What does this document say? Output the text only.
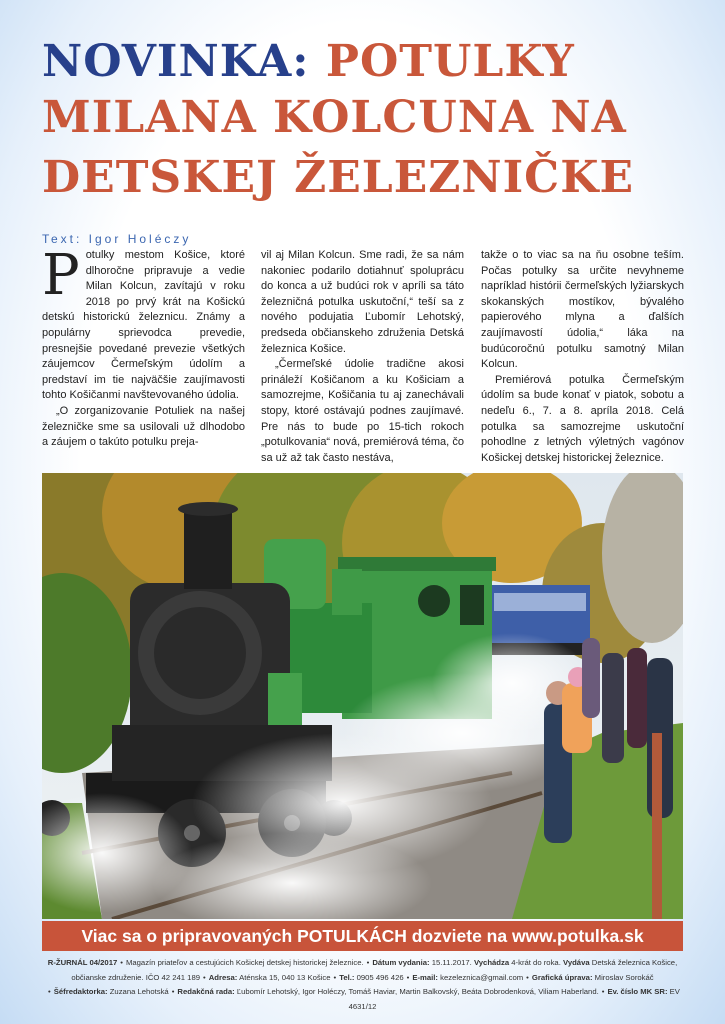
NOVINKA: POTULKY
MILANA KOLCUNA NA
DETSKEJ ŽELEZNIČKE
Text: Igor Holéczy

Potulky mestom Košice, ktoré dlhoročne pripravuje a vedie Milan Kolcun, zavítajú v roku 2018 po prvý krát na Košickú detskú historickú železnicu. Známy a populárny sprievodca prevedie, presnejšie povedané prevezie všetkých záujemcov Čermeľským údolím a predstaví im tie najväčšie zaujímavosti tohto Košičanmi navštevovaného údolia.

„O zorganizovanie Potuliek na našej železničke sme sa usilovali už dlhodobo a záujem o takúto potulku preja-

vil aj Milan Kolcun. Sme radi, že sa nám nakoniec podarilo dotiahnuť spoluprácu do konca a už budúci rok v apríli sa táto železničná potulka uskutoční,“ teší sa z nového podujatia Ľubomír Lehotský, predseda občianskeho združenia Detská železnica Košice.

„Čermeľské údolie tradične akosi prináleží Košičanom a ku Košiciam a samozrejme, Košičania tu aj zanechávali stopy, ktoré ostávajú podnes zaujímavé. Pre nás to bude po 15-tich rokoch „potulkovania“ nová, premiérová téma, čo sa už až tak často nestáva,

takže o to viac sa na ňu osobne teším. Počas potulky sa určite nevyhneme napríklad histórii čermeľských lyžiarskych skokanských mostíkov, bývalého papierového mlyna a ďalších zaujímavostí údolia,“ láka na budúcoročnú potulku samotný Milan Kolcun.

Premiérová potulka Čermeľským údolím sa bude konať v piatok, sobotu a nedeľu 6., 7. a 8. apríla 2018. Celá potulka sa samozrejme uskutoční pohodlne z letných výletných vagónov Košickej detskej historickej železnice.

Viac sa o pripravovaných POTULKÁCH dozviete na www.potulka.sk
R-ŽURNÁL 04/2017 • Magazín priateľov a cestujúcich Košickej detskej historickej železnice. • Dátum vydania: 15.11.2017. Vychádza 4-krát do roka. Vydáva Detská železnica Košice,
občianske združenie. IČO 42 241 189 • Adresa: Aténska 15, 040 13 Košice • Tel.: 0905 496 426 • E-mail: kezeleznica@gmail.com • Grafická úprava: Miroslav Sorokáč
• Šéfredaktorka: Zuzana Lehotská • Redakčná rada: Ľubomír Lehotský, Igor Holéczy, Tomáš Haviar, Martin Balkovský, Beáta Dobrodenková, Viliam Haberland. • Ev. číslo MK SR: EV 4631/12
